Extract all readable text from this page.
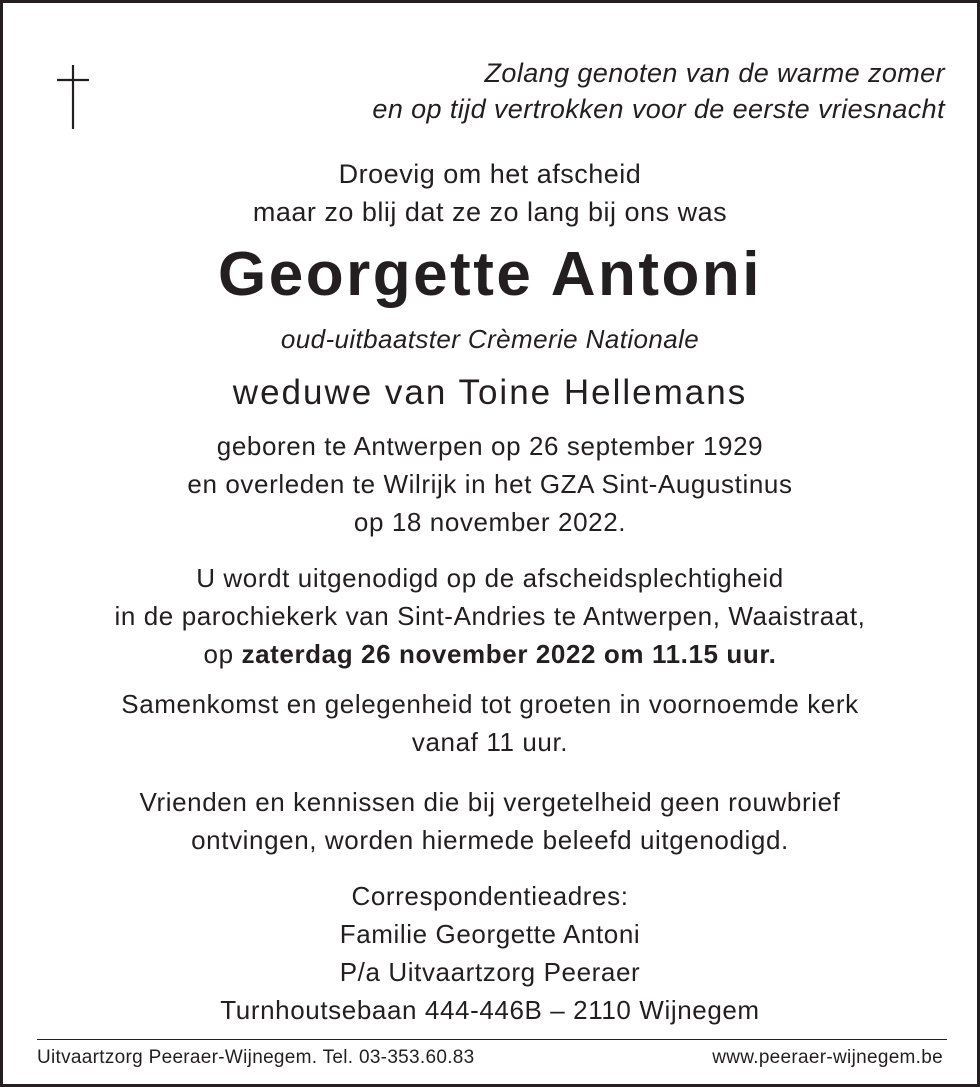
Zolang genoten van de warme zomer
en op tijd vertrokken voor de eerste vriesnacht
Droevig om het afscheid
maar zo blij dat ze zo lang bij ons was
Georgette Antoni
oud-uitbaatster Crèmerie Nationale
weduwe van Toine Hellemans
geboren te Antwerpen op 26 september 1929
en overleden te Wilrijk in het GZA Sint-Augustinus
op 18 november 2022.
U wordt uitgenodigd op de afscheidsplechtigheid
in de parochiekerk van Sint-Andries te Antwerpen, Waaistraat,
op zaterdag 26 november 2022 om 11.15 uur.
Samenkomst en gelegenheid tot groeten in voornoemde kerk
vanaf 11 uur.
Vrienden en kennissen die bij vergetelheid geen rouwbrief
ontvingen, worden hiermede beleefd uitgenodigd.
Correspondentieadres:
Familie Georgette Antoni
P/a Uitvaartzorg Peeraer
Turnhoutsebaan 444-446B – 2110 Wijnegem
Uitvaartzorg Peeraer-Wijnegem. Tel. 03-353.60.83	www.peeraer-wijnegem.be
